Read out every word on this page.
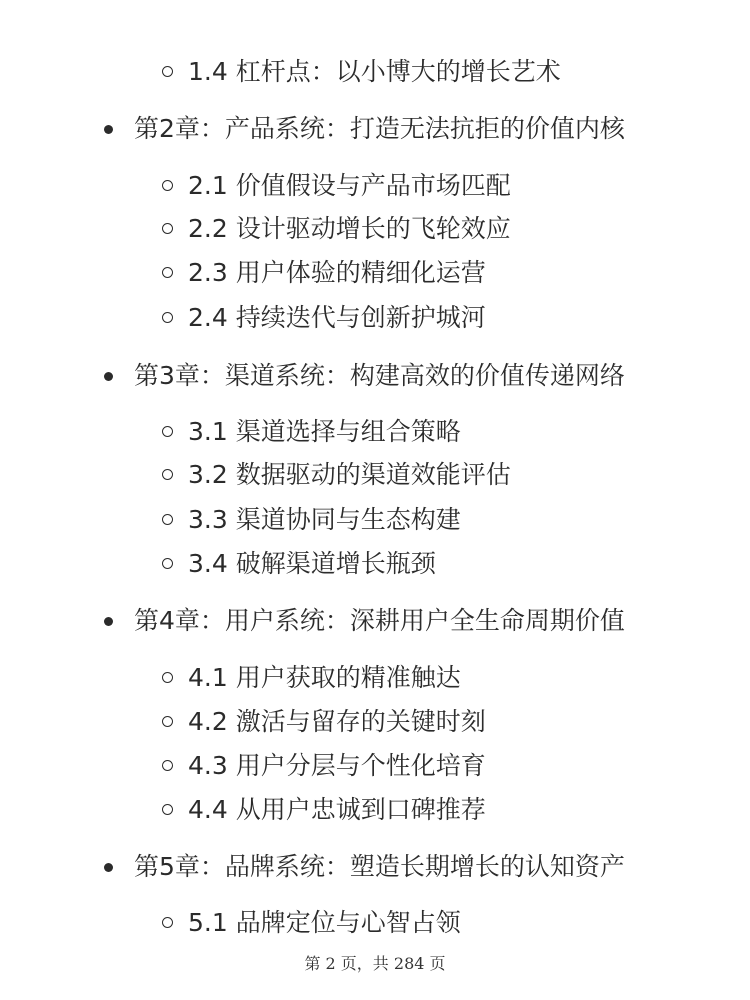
1.4 杠杆点：以小博大的增长艺术
第2章：产品系统：打造无法抗拒的价值内核
2.1 价值假设与产品市场匹配
2.2 设计驱动增长的飞轮效应
2.3 用户体验的精细化运营
2.4 持续迭代与创新护城河
第3章：渠道系统：构建高效的价值传递网络
3.1 渠道选择与组合策略
3.2 数据驱动的渠道效能评估
3.3 渠道协同与生态构建
3.4 破解渠道增长瓶颈
第4章：用户系统：深耕用户全生命周期价值
4.1 用户获取的精准触达
4.2 激活与留存的关键时刻
4.3 用户分层与个性化培育
4.4 从用户忠诚到口碑推荐
第5章：品牌系统：塑造长期增长的认知资产
5.1 品牌定位与心智占领
第 2 页，共 284 页
